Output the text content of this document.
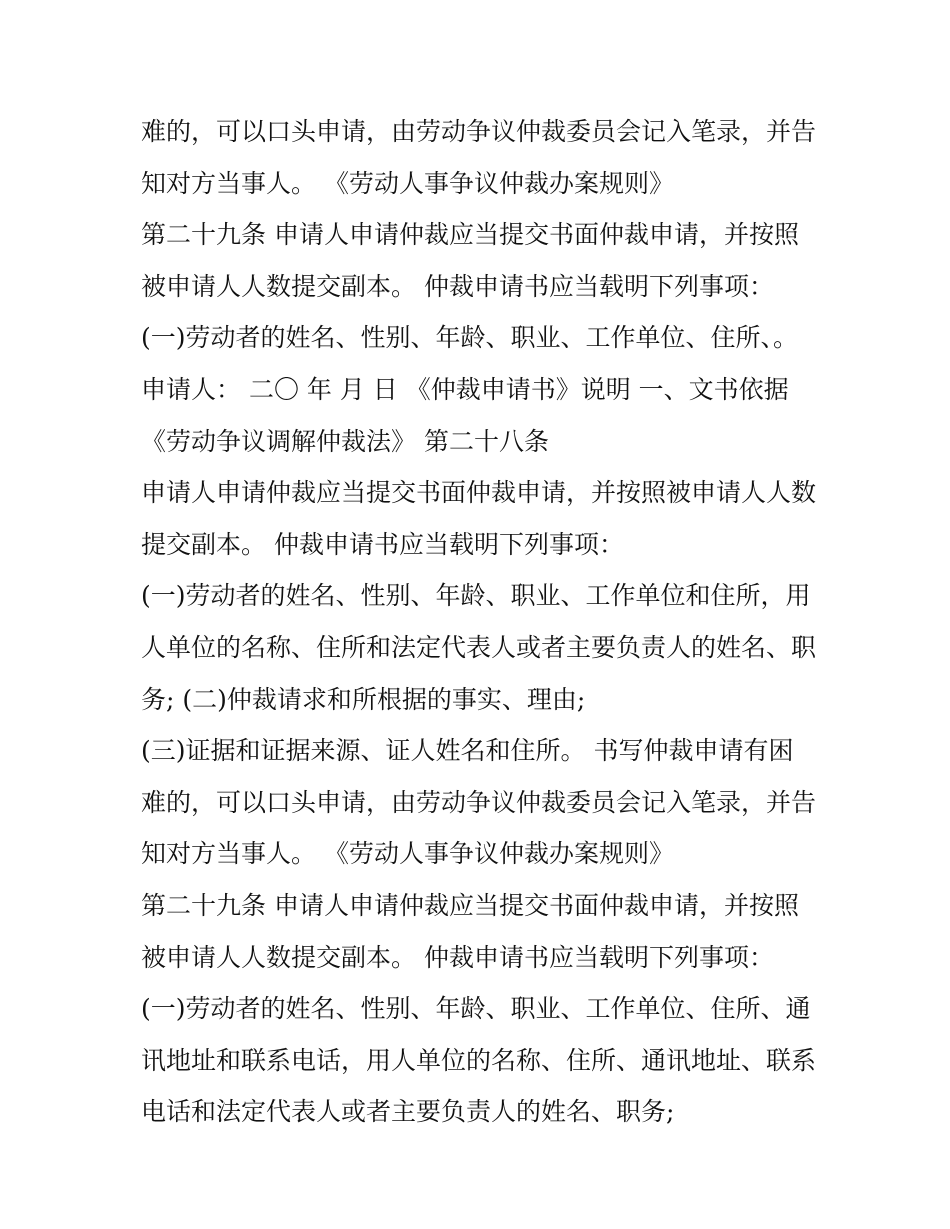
难的，可以口头申请，由劳动争议仲裁委员会记入笔录，并告
知对方当事人。 《劳动人事争议仲裁办案规则》
第二十九条 申请人申请仲裁应当提交书面仲裁申请，并按照
被申请人人数提交副本。 仲裁申请书应当载明下列事项：
(一)劳动者的姓名、性别、年龄、职业、工作单位、住所、。
申请人： 二〇 年 月 日 《仲裁申请书》说明 一、文书依据
《劳动争议调解仲裁法》 第二十八条
申请人申请仲裁应当提交书面仲裁申请，并按照被申请人人数
提交副本。 仲裁申请书应当载明下列事项：
(一)劳动者的姓名、性别、年龄、职业、工作单位和住所，用
人单位的名称、住所和法定代表人或者主要负责人的姓名、职
务; (二)仲裁请求和所根据的事实、理由;
(三)证据和证据来源、证人姓名和住所。 书写仲裁申请有困
难的，可以口头申请，由劳动争议仲裁委员会记入笔录，并告
知对方当事人。 《劳动人事争议仲裁办案规则》
第二十九条 申请人申请仲裁应当提交书面仲裁申请，并按照
被申请人人数提交副本。 仲裁申请书应当载明下列事项：
(一)劳动者的姓名、性别、年龄、职业、工作单位、住所、通
讯地址和联系电话，用人单位的名称、住所、通讯地址、联系
电话和法定代表人或者主要负责人的姓名、职务;
